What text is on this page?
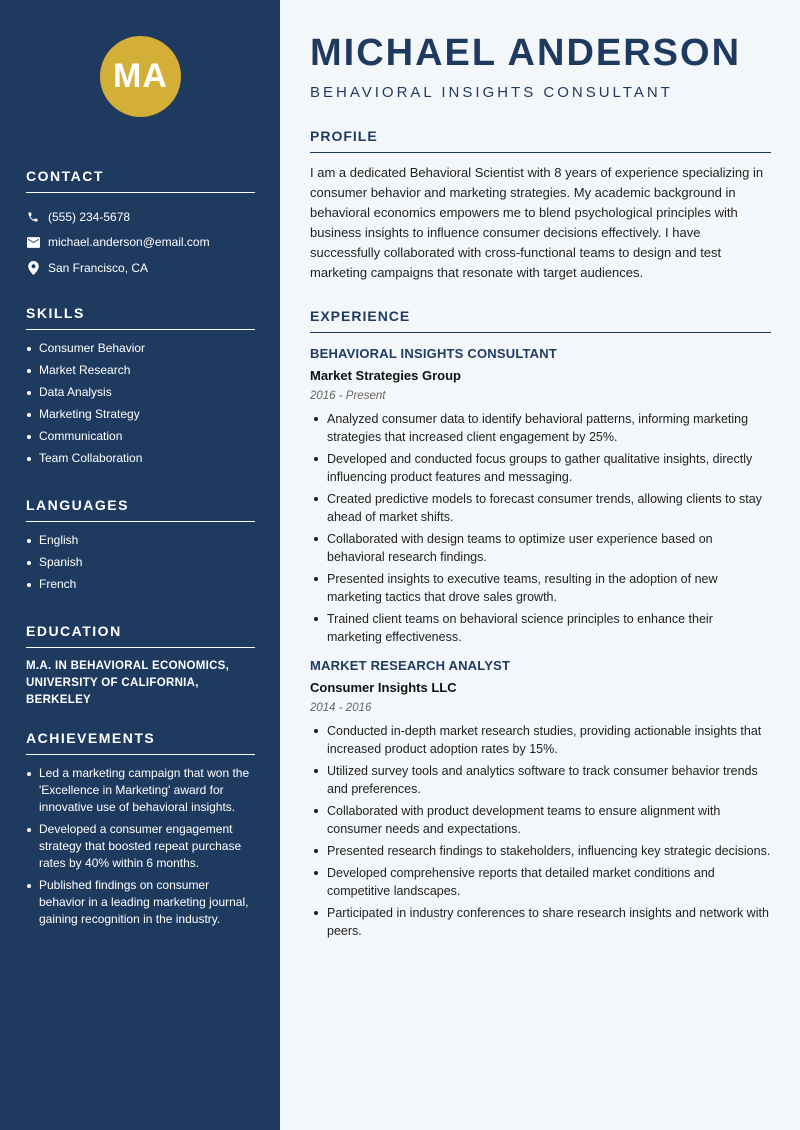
MA
CONTACT
(555) 234-5678
michael.anderson@email.com
San Francisco, CA
SKILLS
Consumer Behavior
Market Research
Data Analysis
Marketing Strategy
Communication
Team Collaboration
LANGUAGES
English
Spanish
French
EDUCATION

M.A. IN BEHAVIORAL ECONOMICS, UNIVERSITY OF CALIFORNIA, BERKELEY

ACHIEVEMENTS
Led a marketing campaign that won the 'Excellence in Marketing' award for innovative use of behavioral insights.
Developed a consumer engagement strategy that boosted repeat purchase rates by 40% within 6 months.
Published findings on consumer behavior in a leading marketing journal, gaining recognition in the industry.
MICHAEL ANDERSON
BEHAVIORAL INSIGHTS CONSULTANT
PROFILE

I am a dedicated Behavioral Scientist with 8 years of experience specializing in consumer behavior and marketing strategies. My academic background in behavioral economics empowers me to blend psychological principles with business insights to influence consumer decisions effectively. I have successfully collaborated with cross-functional teams to design and test marketing campaigns that resonate with target audiences.

EXPERIENCE
BEHAVIORAL INSIGHTS CONSULTANT
Market Strategies Group
2016 - Present
Analyzed consumer data to identify behavioral patterns, informing marketing strategies that increased client engagement by 25%.
Developed and conducted focus groups to gather qualitative insights, directly influencing product features and messaging.
Created predictive models to forecast consumer trends, allowing clients to stay ahead of market shifts.
Collaborated with design teams to optimize user experience based on behavioral research findings.
Presented insights to executive teams, resulting in the adoption of new marketing tactics that drove sales growth.
Trained client teams on behavioral science principles to enhance their marketing effectiveness.
MARKET RESEARCH ANALYST
Consumer Insights LLC
2014 - 2016
Conducted in-depth market research studies, providing actionable insights that increased product adoption rates by 15%.
Utilized survey tools and analytics software to track consumer behavior trends and preferences.
Collaborated with product development teams to ensure alignment with consumer needs and expectations.
Presented research findings to stakeholders, influencing key strategic decisions.
Developed comprehensive reports that detailed market conditions and competitive landscapes.
Participated in industry conferences to share research insights and network with peers.
